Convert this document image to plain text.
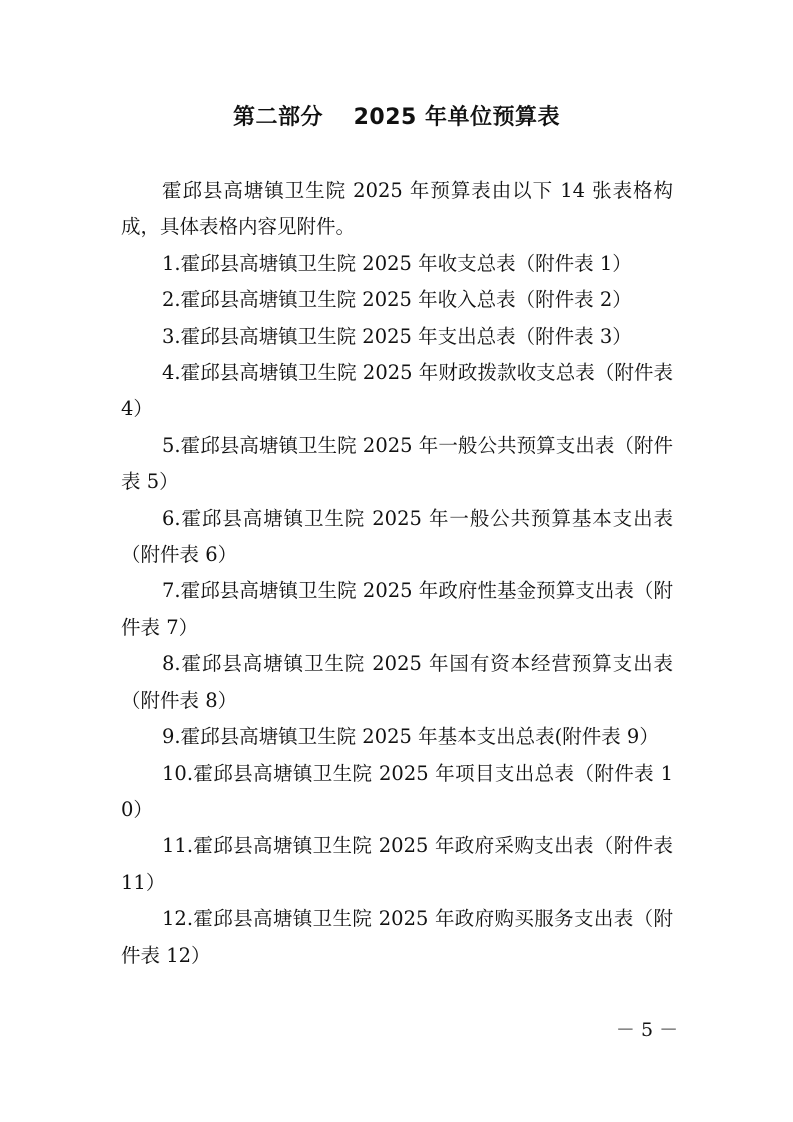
第二部分　 2025 年单位预算表

霍邱县高塘镇卫生院 2025 年预算表由以下 14 张表格构成，具体表格内容见附件。

1.霍邱县高塘镇卫生院 2025 年收支总表（附件表 1）

2.霍邱县高塘镇卫生院 2025 年收入总表（附件表 2）

3.霍邱县高塘镇卫生院 2025 年支出总表（附件表 3）

4.霍邱县高塘镇卫生院 2025 年财政拨款收支总表（附件表 4）

5.霍邱县高塘镇卫生院 2025 年一般公共预算支出表（附件表 5）

6.霍邱县高塘镇卫生院 2025 年一般公共预算基本支出表（附件表 6）

7.霍邱县高塘镇卫生院 2025 年政府性基金预算支出表（附件表 7）

8.霍邱县高塘镇卫生院 2025 年国有资本经营预算支出表（附件表 8）

9.霍邱县高塘镇卫生院 2025 年基本支出总表(附件表 9）

10.霍邱县高塘镇卫生院 2025 年项目支出总表（附件表 10）

11.霍邱县高塘镇卫生院 2025 年政府采购支出表（附件表 11）

12.霍邱县高塘镇卫生院 2025 年政府购买服务支出表（附件表 12）

－ 5 －
